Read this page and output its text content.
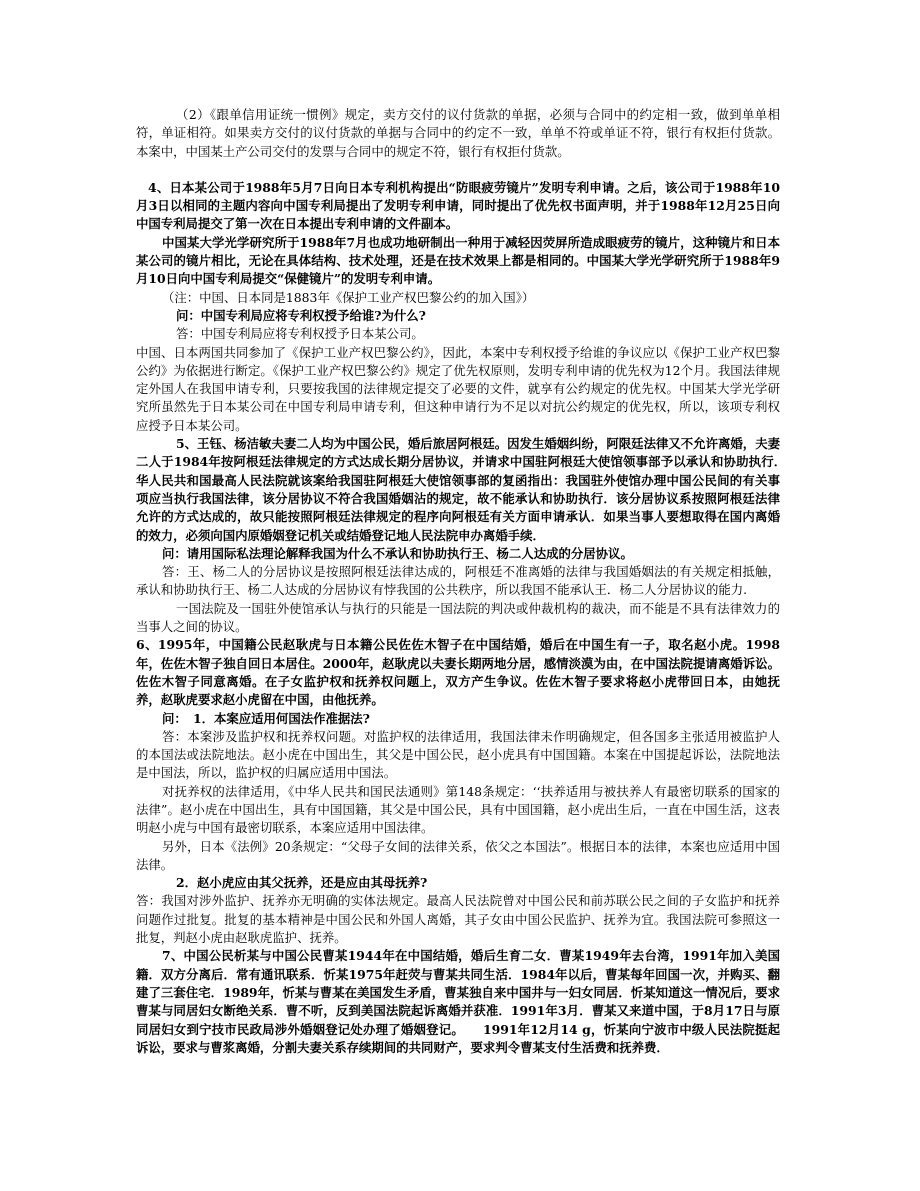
（2）《跟单信用证统一惯例》规定，卖方交付的议付货款的单据，必须与合同中的约定相一致，做到单单相符，单证相符。如果卖方交付的议付货款的单据与合同中的约定不一致，单单不符或单证不符，银行有权拒付货款。本案中，中国某土产公司交付的发票与合同中的规定不符，银行有权拒付货款。

4、日本某公司于1988年5月7日向日本专利机构提出“防眼疲劳镜片”发明专利申请。之后，该公司于1988年10月3日以相同的主题内容向中国专利局提出了发明专利申请，同时提出了优先权书面声明，并于1988年12月25日向中国专利局提交了第一次在日本提出专利申请的文件副本。

中国某大学光学研究所于1988年7月也成功地研制出一种用于减轻因荧屏所造成眼疲劳的镜片，这种镜片和日本某公司的镜片相比，无论在具体结构、技术处理，还是在技术效果上都是相同的。中国某大学光学研究所于1988年9月10日向中国专利局提交“保健镜片”的发明专利申请。

（注：中国、日本同是1883年《保护工业产权巴黎公约的加入国》）

问：中国专利局应将专利权授予给谁?为什么?

答：中国专利局应将专利权授予日本某公司。

中国、日本两国共同参加了《保护工业产权巴黎公约》，因此，本案中专利权授予给谁的争议应以《保护工业产权巴黎公约》为依据进行断定。《保护工业产权巴黎公约》规定了优先权原则，发明专利申请的优先权为12个月。我国法律规定外国人在我国申请专利，只要按我国的法律规定提交了必要的文件，就享有公约规定的优先权。中国某大学光学研究所虽然先于日本某公司在中国专利局申请专利，但这种申请行为不足以对抗公约规定的优先权，所以，该项专利权应授予日本某公司。

5、王钰、杨洁敏夫妻二人均为中国公民，婚后旅居阿根廷。因发生婚姻纠纷，阿限廷法律又不允许离婚，夫妻二人于1984年按阿根廷法律规定的方式达成长期分居协议，并请求中国驻阿根廷大使馆领事部予以承认和协助执行．　华人民共和国最高人民法院就该案给我国驻阿根廷大使馆领事部的复函指出：我国驻外使馆办理中国公民间的有关事项应当执行我国法律，该分居协议不符合我国婚姻沾的规定，故不能承认和协助执行．该分居协议系按照阿根廷法律允许的方式达成的，故只能按照阿根廷法律规定的程序向阿根廷有关方面申请承认．如果当事人要想取得在国内离婚的效力，必须向国内原婚姻登记机关或结婚登记地人民法院申办离婚手续．

问：请用国际私法理论解释我国为什么不承认和协助执行王、杨二人达成的分居协议。

答：王、杨二人的分居协议是按照阿根廷法律达成的，阿根廷不准离婚的法律与我国婚姻法的有关规定相抵触，承认和协助执行王、杨二人达成的分居协议有悖我国的公共秩序，所以我国不能承认王．杨二人分居协议的能力.

一国法院及一国驻外使馆承认与执行的只能是一国法院的判决或仲裁机构的裁决，而不能是不具有法律效力的当事人之间的协议。

6、1995年，中国籍公民赵耿虎与日本籍公民佐佐木智子在中国结婚，婚后在中国生有一子，取名赵小虎。1998年，佐佐木智子独自回日本居住。2000年，赵耿虎以夫妻长期两地分居，感情淡漠为由，在中国法院提请离婚诉讼。佐佐木智子同意离婚。在子女监护权和抚养权问题上，双方产生争议。佐佐木智子要求将赵小虎带回日本，由她抚养，赵耿虎要求赵小虎留在中国，由他抚养。

问：　1．本案应适用何国法作准据法?

答：本案涉及监护权和抚养权问题。对监护权的法律适用，我国法律未作明确规定，但各国多主张适用被监护人的本国法或法院地法。赵小虎在中国出生，其父是中国公民，赵小虎具有中国国籍。本案在中国提起诉讼，法院地法是中国法，所以，监护权的归属应适用中国法。

对抚养权的法律适用，《中华人民共和国民法通则》第148条规定：‘‘扶养适用与被扶养人有最密切联系的国家的法律”。赵小虎在中国出生，具有中国国籍，其父是中国公民，具有中国国籍，赵小虎出生后，一直在中国生活，这表明赵小虎与中国有最密切联系，本案应适用中国法律。

另外，日本《法例》20条规定：“父母子女间的法律关系，依父之本国法”。根据日本的法律，本案也应适用中国法律。

2．赵小虎应由其父抚养，还是应由其母抚养?

答：我国对涉外监护、抚养亦无明确的实体法规定。最高人民法院曾对中国公民和前苏联公民之间的子女监护和抚养问题作过批复。批复的基本精神是中国公民和外国人离婚，其子女由中国公民监护、抚养为宜。我国法院可参照这一批复，判赵小虎由赵耿虎监护、抚养。

7、中国公民析某与中国公民曹某1944年在中国结婚，婚后生育二女．曹某1949年去台湾，1991年加入美国籍．双方分离后．常有通讯联系．忻某1975年赶荧与曹某共同生活．1984年以后，曹某每年回国一次，并购买、翻建了三套住宅．1989年，忻某与曹某在美国发生矛盾，曹某独自来中国井与一妇女同居．忻某知道这一情况后，要求曹某与同居妇女断绝关系．曹不听，反到美国法院起诉离婚并获准．1991年3月．曹某又来道中国，于8月17日与原同居妇女到宁技市民政局涉外婚姻登记处办理了婚姻登记。　　1991年12月14 g，忻某向宁波市中级人民法院挺起诉讼，要求与曹浆离婚，分割夫妻关系存续期间的共同财产，要求判令曹某支付生活费和抚养费．
